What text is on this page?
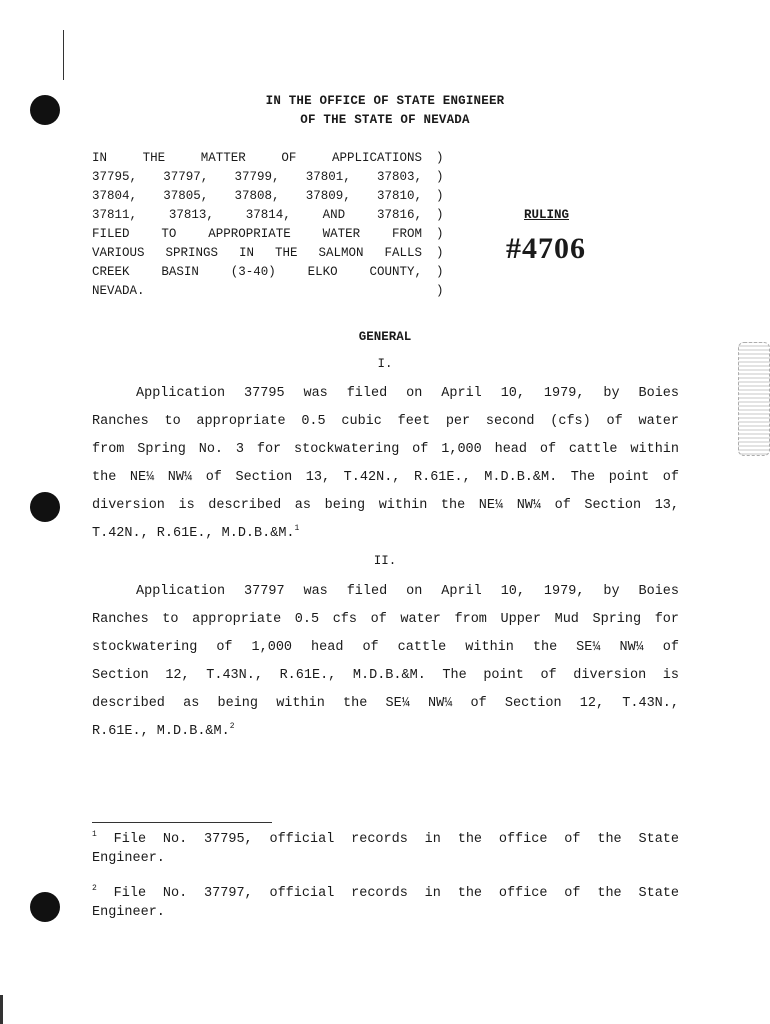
IN THE OFFICE OF STATE ENGINEER
OF THE STATE OF NEVADA
IN THE MATTER OF APPLICATIONS
37795, 37797, 37799, 37801, 37803,
37804, 37805, 37808, 37809, 37810,
37811, 37813, 37814, AND 37816,
FILED TO APPROPRIATE WATER FROM
VARIOUS SPRINGS IN THE SALMON FALLS
CREEK BASIN (3-40) ELKO COUNTY,
NEVADA.
)
)
)
)
)
)
)
)
RULING
#4706
GENERAL
I.
Application 37795 was filed on April 10, 1979, by Boies
Ranches to appropriate 0.5 cubic feet per second (cfs) of water
from Spring No. 3 for stockwatering of 1,000 head of cattle within
the NE¼ NW¼ of Section 13, T.42N., R.61E., M.D.B.&M. The point of
diversion is described as being within the NE¼ NW¼ of Section 13,
T.42N., R.61E., M.D.B.&M.$^1$
II.
Application 37797 was filed on April 10, 1979, by Boies
Ranches to appropriate 0.5 cfs of water from Upper Mud Spring for
stockwatering of 1,000 head of cattle within the SE¼ NW¼ of
Section 12, T.43N., R.61E., M.D.B.&M. The point of diversion is
described as being within the SE¼ NW¼ of Section 12, T.43N.,
R.61E., M.D.B.&M.$^2$
$^1$ File No. 37795, official records in the office of the State
Engineer.
$^2$ File No. 37797, official records in the office of the State
Engineer.
